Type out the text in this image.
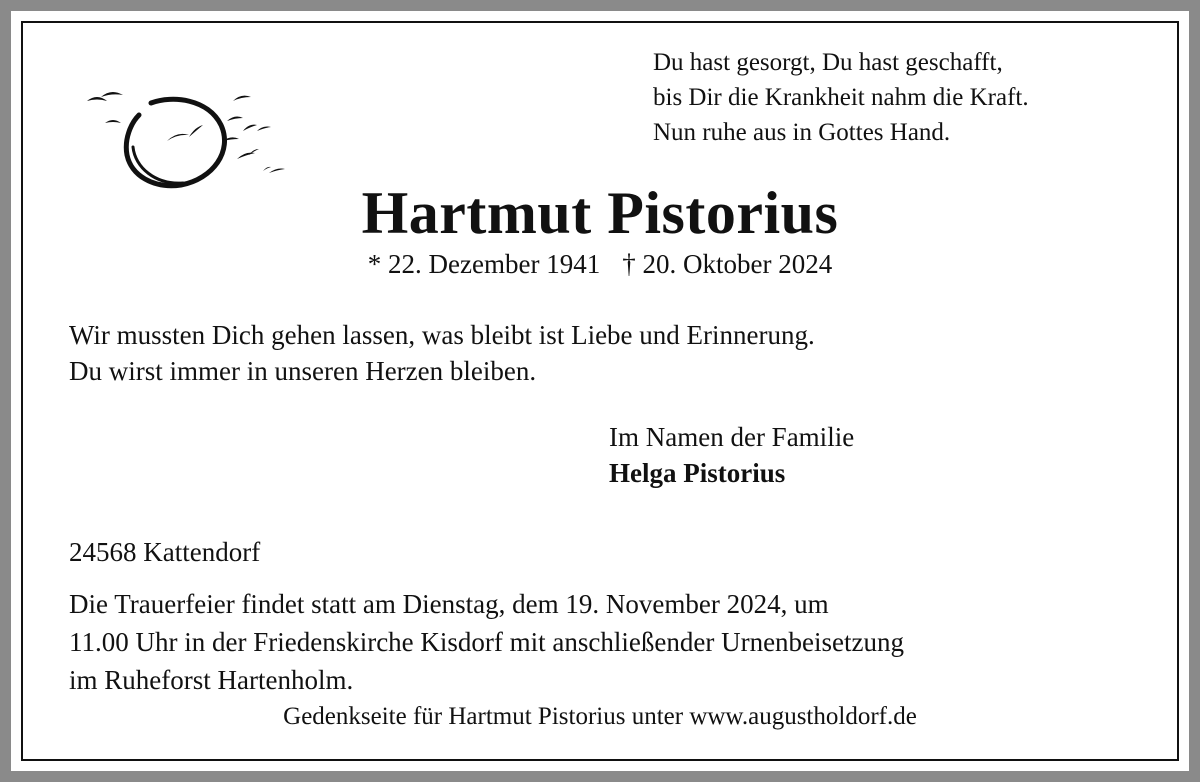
Du hast gesorgt, Du hast geschafft,
bis Dir die Krankheit nahm die Kraft.
Nun ruhe aus in Gottes Hand.
Hartmut Pistorius
* 22. Dezember 1941 † 20. Oktober 2024
Wir mussten Dich gehen lassen, was bleibt ist Liebe und Erinnerung.
Du wirst immer in unseren Herzen bleiben.
Im Namen der Familie
Helga Pistorius
24568 Kattendorf
Die Trauerfeier findet statt am Dienstag, dem 19. November 2024, um
11.00 Uhr in der Friedenskirche Kisdorf mit anschließender Urnenbeisetzung
im Ruheforst Hartenholm.
Gedenkseite für Hartmut Pistorius unter www.augustholdorf.de
